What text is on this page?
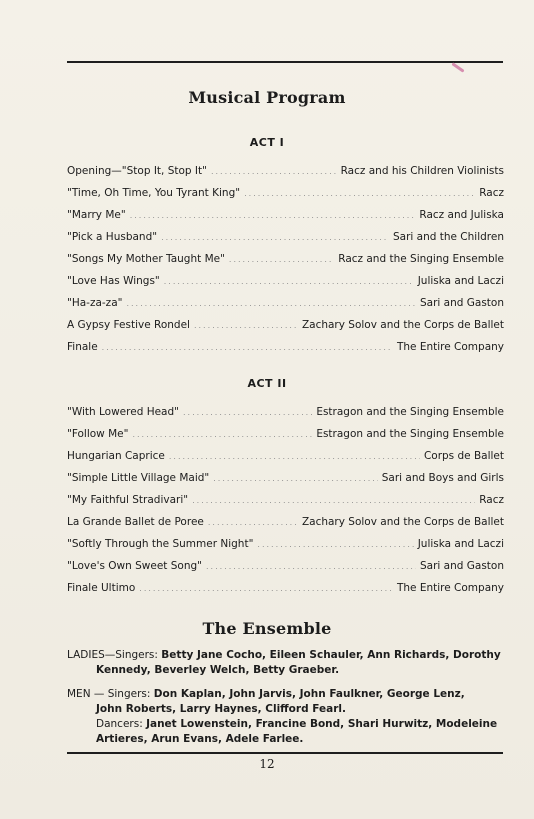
Musical Program
ACT I
Opening—"Stop It, Stop It" .....	Racz and his Children Violinists
"Time, Oh Time, You Tyrant King" .....	Racz
"Marry Me" .....	Racz and Juliska
"Pick a Husband" .....	Sari and the Children
"Songs My Mother Taught Me" .....	Racz and the Singing Ensemble
"Love Has Wings" .....	Juliska and Laczi
"Ha-za-za" .....	Sari and Gaston
A Gypsy Festive Rondel .....	Zachary Solov and the Corps de Ballet
Finale .....	The Entire Company
ACT II
"With Lowered Head" .....	Estragon and the Singing Ensemble
"Follow Me" .....	Estragon and the Singing Ensemble
Hungarian Caprice .....	Corps de Ballet
"Simple Little Village Maid" .....	Sari and Boys and Girls
"My Faithful Stradivari" .....	Racz
La Grande Ballet de Poree .....	Zachary Solov and the Corps de Ballet
"Softly Through the Summer Night" .....	Juliska and Laczi
"Love's Own Sweet Song" .....	Sari and Gaston
Finale Ultimo .....	The Entire Company
The Ensemble
LADIES—Singers: Betty Jane Cocho, Eileen Schauler, Ann Richards, Dorothy
Kennedy, Beverley Welch, Betty Graeber.
MEN — Singers: Don Kaplan, John Jarvis, John Faulkner, George Lenz,
John Roberts, Larry Haynes, Clifford Fearl.
Dancers: Janet Lowenstein, Francine Bond, Shari Hurwitz, Modeleine
Artieres, Arun Evans, Adele Farlee.
12
